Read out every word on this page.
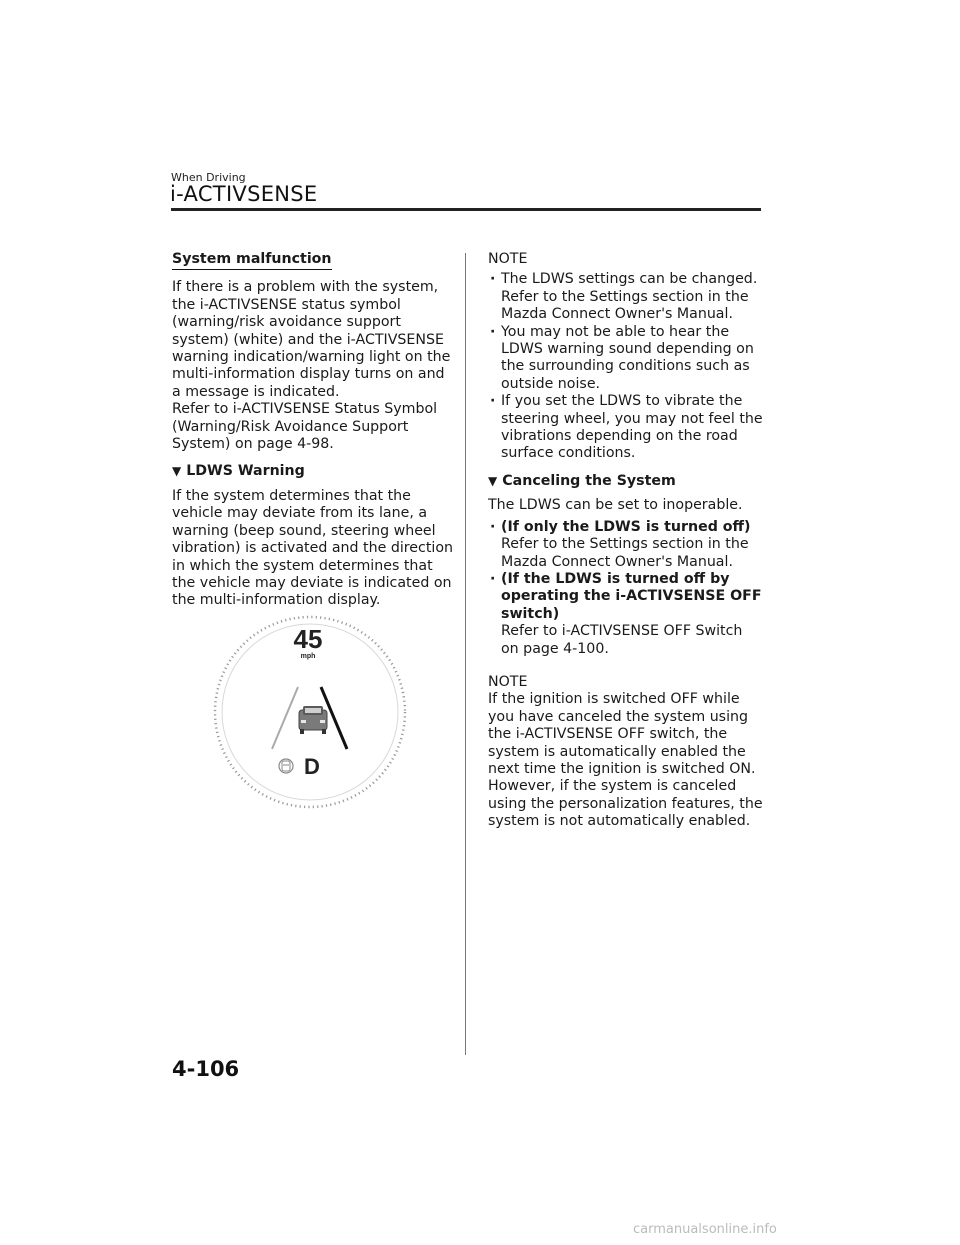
When Driving
i-ACTIVSENSE
System malfunction

If there is a problem with the system, the i-ACTIVSENSE status symbol (warning/risk avoidance support system) (white) and the i-ACTIVSENSE warning indication/warning light on the multi-information display turns on and a message is indicated.

Refer to i-ACTIVSENSE Status Symbol (Warning/Risk Avoidance Support System) on page 4-98.

▼ LDWS Warning

If the system determines that the vehicle may deviate from its lane, a warning (beep sound, steering wheel vibration) is activated and the direction in which the system determines that the vehicle may deviate is indicated on the multi-information display.

45
mph
D
NOTE
· The LDWS settings can be changed. Refer to the Settings section in the Mazda Connect Owner's Manual.
· You may not be able to hear the LDWS warning sound depending on the surrounding conditions such as outside noise.
· If you set the LDWS to vibrate the steering wheel, you may not feel the vibrations depending on the road surface conditions.
▼ Canceling the System

The LDWS can be set to inoperable.

· (If only the LDWS is turned off)
Refer to the Settings section in the Mazda Connect Owner's Manual.
· (If the LDWS is turned off by operating the i-ACTIVSENSE OFF switch)
Refer to i-ACTIVSENSE OFF Switch on page 4-100.
NOTE

If the ignition is switched OFF while you have canceled the system using the i-ACTIVSENSE OFF switch, the system is automatically enabled the next time the ignition is switched ON. However, if the system is canceled using the personalization features, the system is not automatically enabled.

4-106
carmanualsonline.info
